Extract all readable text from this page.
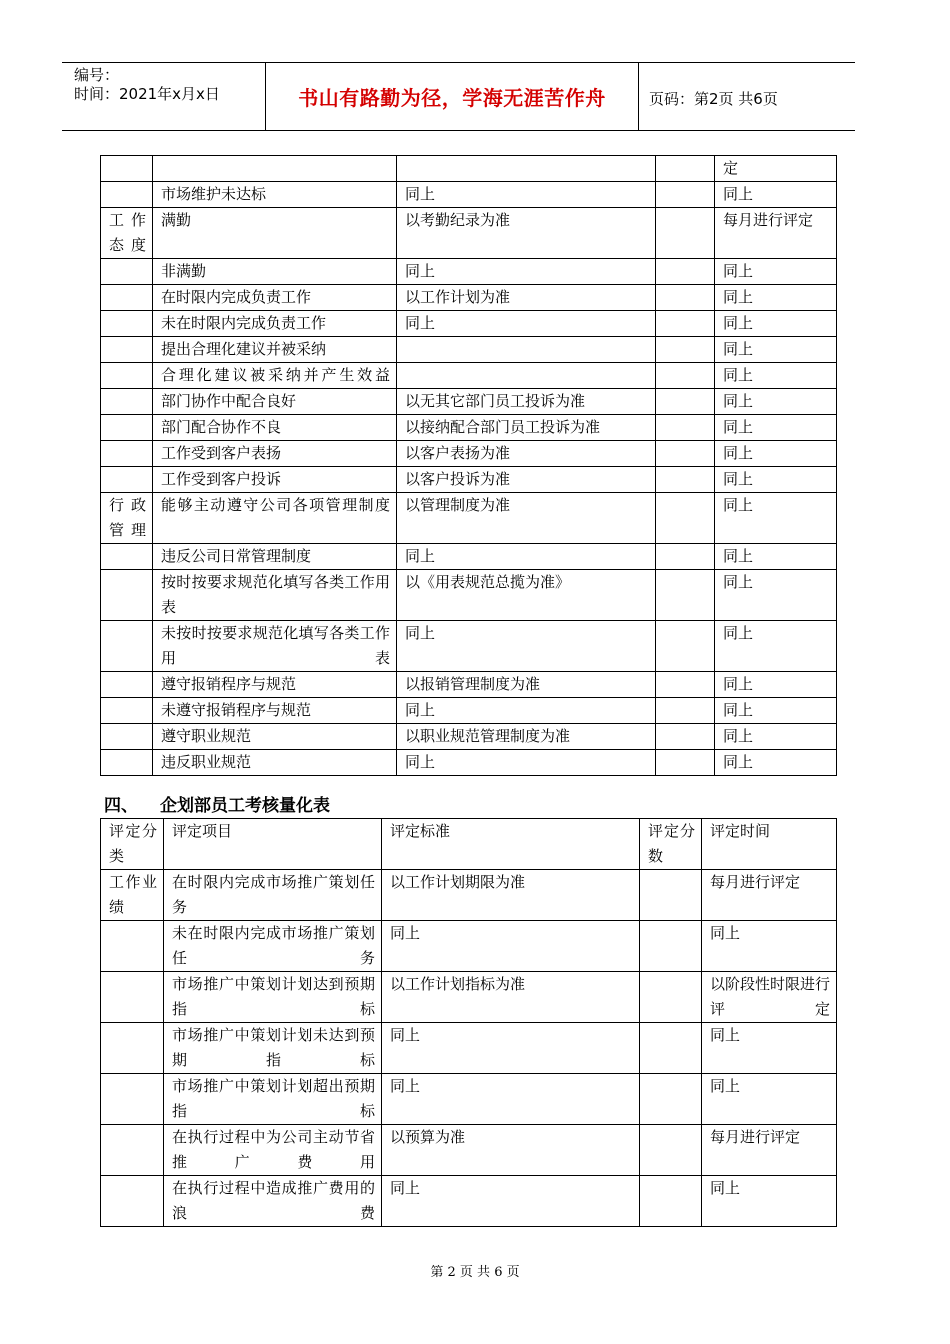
编号：
时间：2021年x月x日	书山有路勤为径，学海无涯苦作舟	页码：第2页 共6页
				定
	市场维护未达标	同上		同上
工作态度	满勤	以考勤纪录为准		每月进行评定
	非满勤	同上		同上
	在时限内完成负责工作	以工作计划为准		同上
	未在时限内完成负责工作	同上		同上
	提出合理化建议并被采纳			同上
	合理化建议被采纳并产生效益			同上
	部门协作中配合良好	以无其它部门员工投诉为准		同上
	部门配合协作不良	以接纳配合部门员工投诉为准		同上
	工作受到客户表扬	以客户表扬为准		同上
	工作受到客户投诉	以客户投诉为准		同上
行政管理	能够主动遵守公司各项管理制度	以管理制度为准		同上
	违反公司日常管理制度	同上		同上
	按时按要求规范化填写各类工作用表	以《用表规范总揽为准》		同上
	未按时按要求规范化填写各类工作用表	同上		同上
	遵守报销程序与规范	以报销管理制度为准		同上
	未遵守报销程序与规范	同上		同上
	遵守职业规范	以职业规范管理制度为准		同上
	违反职业规范	同上		同上
四、 企划部员工考核量化表
评定分类	评定项目	评定标准	评定分数	评定时间
工作业绩	在时限内完成市场推广策划任务	以工作计划期限为准		每月进行评定
	未在时限内完成市场推广策划任务	同上		同上
	市场推广中策划计划达到预期指标	以工作计划指标为准		以阶段性时限进行评定
	市场推广中策划计划未达到预期指标	同上		同上
	市场推广中策划计划超出预期指标	同上		同上
	在执行过程中为公司主动节省推广费用	以预算为准		每月进行评定
	在执行过程中造成推广费用的浪费	同上		同上
第 2 页 共 6 页
